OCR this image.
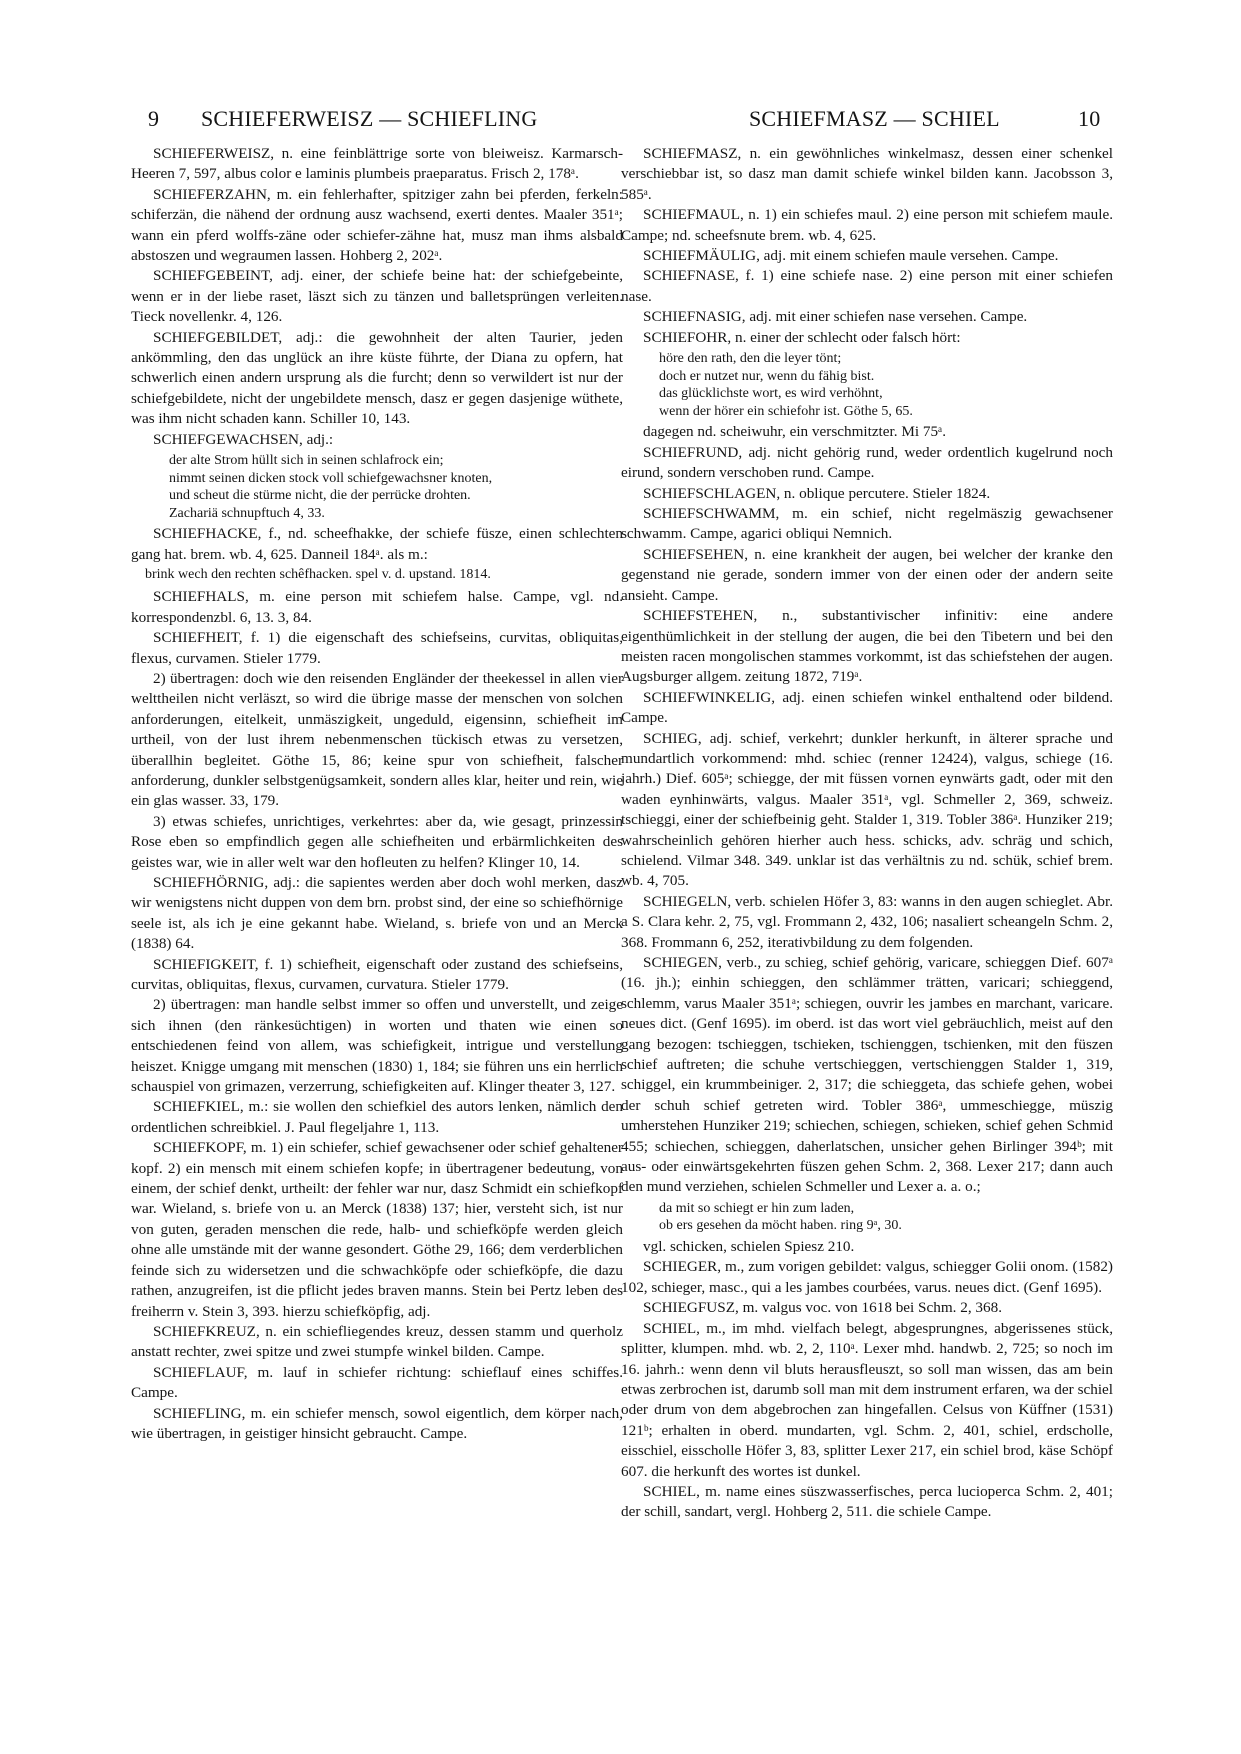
9 SCHIEFERWEISZ — SCHIEFLING	SCHIEFMASZ — SCHIEL	10

SCHIEFERWEISZ, n. eine feinblättrige sorte von bleiweisz. Karmarsch-Heeren 7, 597, albus color e laminis plumbeis praeparatus. Frisch 2, 178ᵃ.

SCHIEFERZAHN, m. ein fehlerhafter, spitziger zahn bei pferden, ferkeln: schiferzän, die nähend der ordnung ausz wachsend, exerti dentes. Maaler 351ᵃ; wann ein pferd wolffs-zäne oder schiefer-zähne hat, musz man ihms alsbald abstoszen und wegraumen lassen. Hohberg 2, 202ᵃ.

SCHIEFGEBEINT, adj. einer, der schiefe beine hat: der schiefgebeinte, wenn er in der liebe raset, läszt sich zu tänzen und balletsprüngen verleiten. Tieck novellenkr. 4, 126.

SCHIEFGEBILDET, adj.: die gewohnheit der alten Taurier, jeden ankömmling, den das unglück an ihre küste führte, der Diana zu opfern, hat schwerlich einen andern ursprung als die furcht; denn so verwildert ist nur der schiefgebildete, nicht der ungebildete mensch, dasz er gegen dasjenige wüthete, was ihm nicht schaden kann. Schiller 10, 143.

SCHIEFGEWACHSEN, adj.:

der alte Strom hüllt sich in seinen schlafrock ein;
nimmt seinen dicken stock voll schiefgewachsner knoten,
und scheut die stürme nicht, die der perrücke drohten.
Zachariä schnupftuch 4, 33.

SCHIEFHACKE, f., nd. scheefhakke, der schiefe füsze, einen schlechten gang hat. brem. wb. 4, 625. Danneil 184ᵃ. als m.:

brink wech den rechten schêfhacken. spel v. d. upstand. 1814.

SCHIEFHALS, m. eine person mit schiefem halse. Campe, vgl. nd. korrespondenzbl. 6, 13. 3, 84.

SCHIEFHEIT, f. 1) die eigenschaft des schiefseins, curvitas, obliquitas, flexus, curvamen. Stieler 1779.

2) übertragen: doch wie den reisenden Engländer der theekessel in allen vier welttheilen nicht verläszt, so wird die übrige masse der menschen von solchen anforderungen, eitelkeit, unmäszigkeit, ungeduld, eigensinn, schiefheit im urtheil, von der lust ihrem nebenmenschen tückisch etwas zu versetzen, überallhin begleitet. Göthe 15, 86; keine spur von schiefheit, falscher anforderung, dunkler selbstgenügsamkeit, sondern alles klar, heiter und rein, wie ein glas wasser. 33, 179.

3) etwas schiefes, unrichtiges, verkehrtes: aber da, wie gesagt, prinzessin Rose eben so empfindlich gegen alle schiefheiten und erbärmlichkeiten des geistes war, wie in aller welt war den hofleuten zu helfen? Klinger 10, 14.

SCHIEFHÖRNIG, adj.: die sapientes werden aber doch wohl merken, dasz wir wenigstens nicht duppen von dem brn. probst sind, der eine so schiefhörnige seele ist, als ich je eine gekannt habe. Wieland, s. briefe von und an Merck (1838) 64.

SCHIEFIGKEIT, f. 1) schiefheit, eigenschaft oder zustand des schiefseins, curvitas, obliquitas, flexus, curvamen, curvatura. Stieler 1779.

2) übertragen: man handle selbst immer so offen und unverstellt, und zeige sich ihnen (den ränkesüchtigen) in worten und thaten wie einen so entschiedenen feind von allem, was schiefigkeit, intrigue und verstellung heiszet. Knigge umgang mit menschen (1830) 1, 184; sie führen uns ein herrlich schauspiel von grimazen, verzerrung, schiefigkeiten auf. Klinger theater 3, 127.

SCHIEFKIEL, m.: sie wollen den schiefkiel des autors lenken, nämlich den ordentlichen schreibkiel. J. Paul flegeljahre 1, 113.

SCHIEFKOPF, m. 1) ein schiefer, schief gewachsener oder schief gehaltener kopf. 2) ein mensch mit einem schiefen kopfe; in übertragener bedeutung, von einem, der schief denkt, urtheilt: der fehler war nur, dasz Schmidt ein schiefkopf war. Wieland, s. briefe von u. an Merck (1838) 137; hier, versteht sich, ist nur von guten, geraden menschen die rede, halb- und schiefköpfe werden gleich ohne alle umstände mit der wanne gesondert. Göthe 29, 166; dem verderblichen feinde sich zu widersetzen und die schwachköpfe oder schiefköpfe, die dazu rathen, anzugreifen, ist die pflicht jedes braven manns. Stein bei Pertz leben des freiherrn v. Stein 3, 393. hierzu schiefköpfig, adj.

SCHIEFKREUZ, n. ein schiefliegendes kreuz, dessen stamm und querholz anstatt rechter, zwei spitze und zwei stumpfe winkel bilden. Campe.

SCHIEFLAUF, m. lauf in schiefer richtung: schieflauf eines schiffes. Campe.

SCHIEFLING, m. ein schiefer mensch, sowol eigentlich, dem körper nach, wie übertragen, in geistiger hinsicht gebraucht. Campe.

SCHIEFMASZ, n. ein gewöhnliches winkelmasz, dessen einer schenkel verschiebbar ist, so dasz man damit schiefe winkel bilden kann. Jacobsson 3, 585ᵃ.

SCHIEFMAUL, n. 1) ein schiefes maul. 2) eine person mit schiefem maule. Campe; nd. scheefsnute brem. wb. 4, 625.

SCHIEFMÄULIG, adj. mit einem schiefen maule versehen. Campe.

SCHIEFNASE, f. 1) eine schiefe nase. 2) eine person mit einer schiefen nase.

SCHIEFNASIG, adj. mit einer schiefen nase versehen. Campe.

SCHIEFOHR, n. einer der schlecht oder falsch hört:

höre den rath, den die leyer tönt;
doch er nutzet nur, wenn du fähig bist.
das glücklichste wort, es wird verhöhnt,
wenn der hörer ein schiefohr ist. Göthe 5, 65.

dagegen nd. scheiwuhr, ein verschmitzter. Mi 75ᵃ.

SCHIEFRUND, adj. nicht gehörig rund, weder ordentlich kugelrund noch eirund, sondern verschoben rund. Campe.

SCHIEFSCHLAGEN, n. oblique percutere. Stieler 1824.

SCHIEFSCHWAMM, m. ein schief, nicht regelmäszig gewachsener schwamm. Campe, agarici obliqui Nemnich.

SCHIEFSEHEN, n. eine krankheit der augen, bei welcher der kranke den gegenstand nie gerade, sondern immer von der einen oder der andern seite ansieht. Campe.

SCHIEFSTEHEN, n., substantivischer infinitiv: eine andere eigenthümlichkeit in der stellung der augen, die bei den Tibetern und bei den meisten racen mongolischen stammes vorkommt, ist das schiefstehen der augen. Augsburger allgem. zeitung 1872, 719ᵃ.

SCHIEFWINKELIG, adj. einen schiefen winkel enthaltend oder bildend. Campe.

SCHIEG, adj. schief, verkehrt; dunkler herkunft, in älterer sprache und mundartlich vorkommend: mhd. schiec (renner 12424), valgus, schiege (16. jahrh.) Dief. 605ᵃ; schiegge, der mit füssen vornen eynwärts gadt, oder mit den waden eynhinwärts, valgus. Maaler 351ᵃ, vgl. Schmeller 2, 369, schweiz. tschieggi, einer der schiefbeinig geht. Stalder 1, 319. Tobler 386ᵃ. Hunziker 219; wahrscheinlich gehören hierher auch hess. schicks, adv. schräg und schich, schielend. Vilmar 348. 349. unklar ist das verhältnis zu nd. schük, schief brem. wb. 4, 705.

SCHIEGELN, verb. schielen Höfer 3, 83: wanns in den augen schieglet. Abr. a S. Clara kehr. 2, 75, vgl. Frommann 2, 432, 106; nasaliert scheangeln Schm. 2, 368. Frommann 6, 252, iterativbildung zu dem folgenden.

SCHIEGEN, verb., zu schieg, schief gehörig, varicare, schieggen Dief. 607ᵃ (16. jh.); einhin schieggen, den schlämmer trätten, varicari; schieggend, schlemm, varus Maaler 351ᵃ; schiegen, ouvrir les jambes en marchant, varicare. neues dict. (Genf 1695). im oberd. ist das wort viel gebräuchlich, meist auf den gang bezogen: tschieggen, tschieken, tschienggen, tschienken, mit den füszen schief auftreten; die schuhe vertschieggen, vertschienggen Stalder 1, 319, schiggel, ein krummbeiniger. 2, 317; die schieggeta, das schiefe gehen, wobei der schuh schief getreten wird. Tobler 386ᵃ, ummeschiegge, müszig umherstehen Hunziker 219; schiechen, schiegen, schieken, schief gehen Schmid 455; schiechen, schieggen, daherlatschen, unsicher gehen Birlinger 394ᵇ; mit aus- oder einwärtsgekehrten füszen gehen Schm. 2, 368. Lexer 217; dann auch den mund verziehen, schielen Schmeller und Lexer a. a. o.;

da mit so schiegt er hin zum laden,
ob ers gesehen da möcht haben. ring 9ᵃ, 30.

vgl. schicken, schielen Spiesz 210.

SCHIEGER, m., zum vorigen gebildet: valgus, schiegger Golii onom. (1582) 102, schieger, masc., qui a les jambes courbées, varus. neues dict. (Genf 1695).

SCHIEGFUSZ, m. valgus voc. von 1618 bei Schm. 2, 368.

SCHIEL, m., im mhd. vielfach belegt, abgesprungnes, abgerissenes stück, splitter, klumpen. mhd. wb. 2, 2, 110ᵃ. Lexer mhd. handwb. 2, 725; so noch im 16. jahrh.: wenn denn vil bluts herausfleuszt, so soll man wissen, das am bein etwas zerbrochen ist, darumb soll man mit dem instrument erfaren, wa der schiel oder drum von dem abgebrochen zan hingefallen. Celsus von Küffner (1531) 121ᵇ; erhalten in oberd. mundarten, vgl. Schm. 2, 401, schiel, erdscholle, eisschiel, eisscholle Höfer 3, 83, splitter Lexer 217, ein schiel brod, käse Schöpf 607. die herkunft des wortes ist dunkel.

SCHIEL, m. name eines süszwasserfisches, perca lucioperca Schm. 2, 401; der schill, sandart, vergl. Hohberg 2, 511. die schiele Campe.
